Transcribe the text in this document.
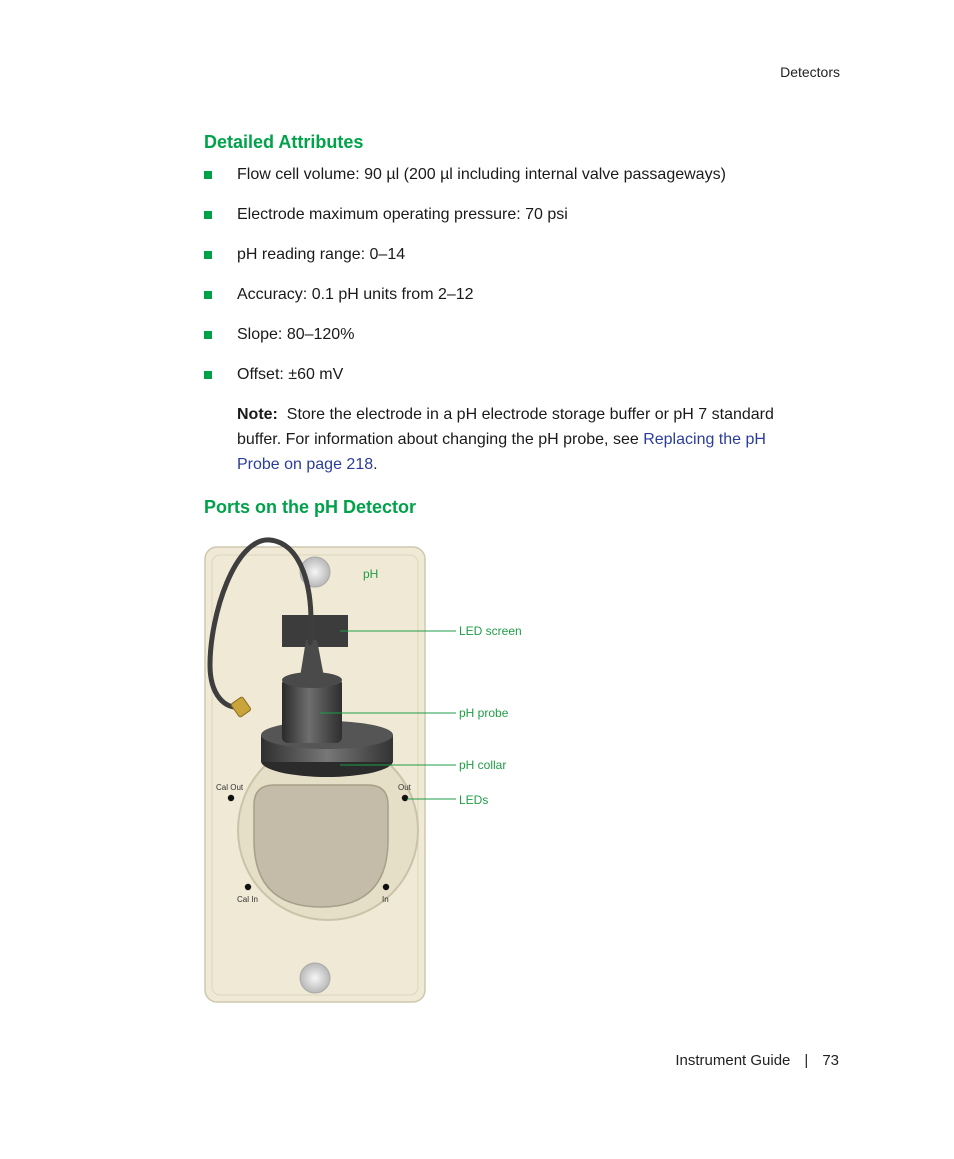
Detectors
Detailed Attributes
Flow cell volume: 90 µl (200 µl including internal valve passageways)
Electrode maximum operating pressure: 70 psi
pH reading range: 0–14
Accuracy: 0.1 pH units from 2–12
Slope: 80–120%
Offset: ±60 mV
Note: Store the electrode in a pH electrode storage buffer or pH 7 standard buffer. For information about changing the pH probe, see Replacing the pH Probe on page 218.
Ports on the pH Detector
pH
Cal Out	Out
Cal In	In
LED screen
pH probe
pH collar
LEDs
Instrument Guide | 73
